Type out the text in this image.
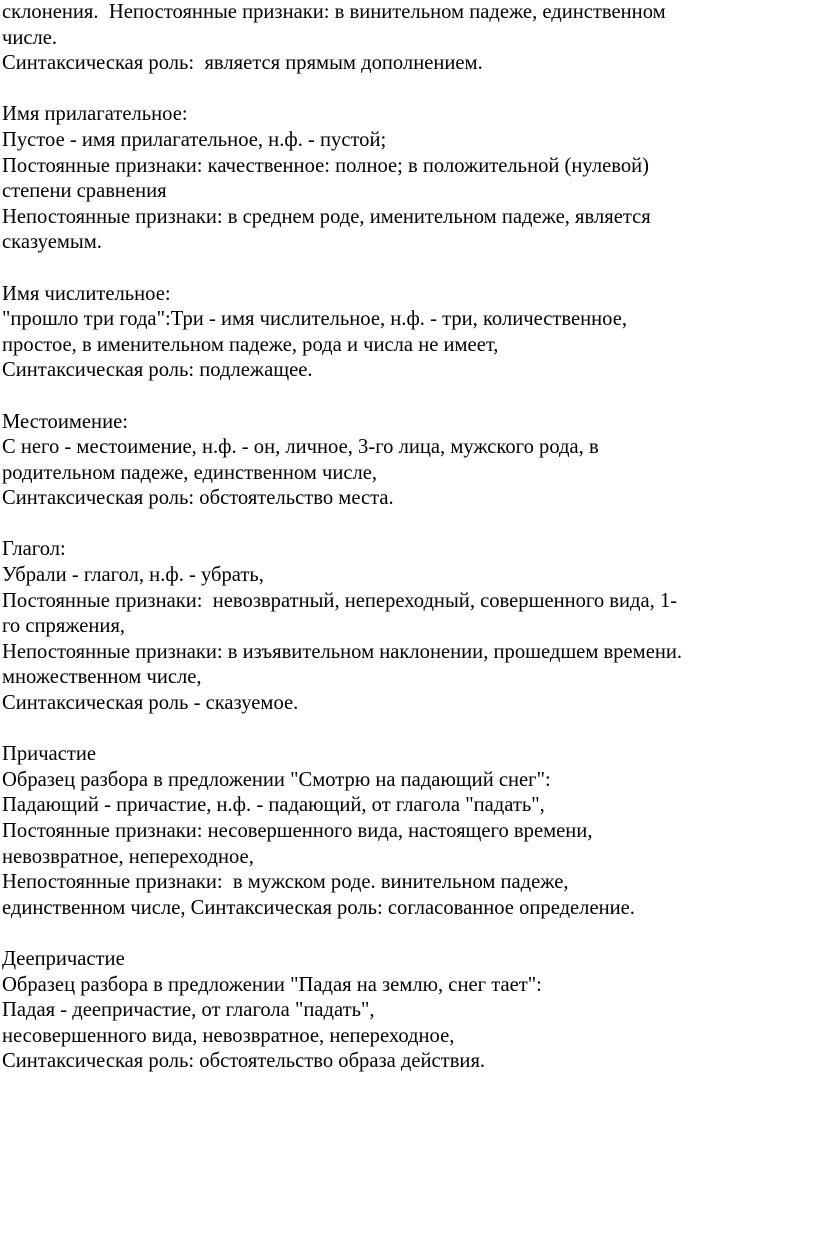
склонения.  Непостоянные признаки: в винительном падеже, единственном
числе.
Синтаксическая роль:  является прямым дополнением.
Имя прилагательное:
Пустое - имя прилагательное, н.ф. - пустой;
Постоянные признаки: качественное: полное; в положительной (нулевой)
степени сравнения
Непостоянные признаки: в среднем роде, именительном падеже, является
сказуемым.
Имя числительное:
"прошло три года":Три - имя числительное, н.ф. - три, количественное,
простое, в именительном падеже, рода и числа не имеет,
Синтаксическая роль: подлежащее.
Местоимение:
С него - местоимение, н.ф. - он, личное, 3-го лица, мужского рода, в
родительном падеже, единственном числе,
Синтаксическая роль: обстоятельство места.
Глагол:
Убрали - глагол, н.ф. - убрать,
Постоянные признаки:  невозвратный, непереходный, совершенного вида, 1-
го спряжения,
Непостоянные признаки: в изъявительном наклонении, прошедшем времени.
множественном числе,
Синтаксическая роль - сказуемое.
Причастие
Образец разбора в предложении "Смотрю на падающий снег":
Падающий - причастие, н.ф. - падающий, от глагола "падать",
Постоянные признаки: несовершенного вида, настоящего времени,
невозвратное, непереходное,
Непостоянные признаки:  в мужском роде. винительном падеже,
единственном числе, Синтаксическая роль: согласованное определение.
Деепричастие
Образец разбора в предложении "Падая на землю, снег тает":
Падая - деепричастие, от глагола "падать",
несовершенного вида, невозвратное, непереходное,
Синтаксическая роль: обстоятельство образа действия.
